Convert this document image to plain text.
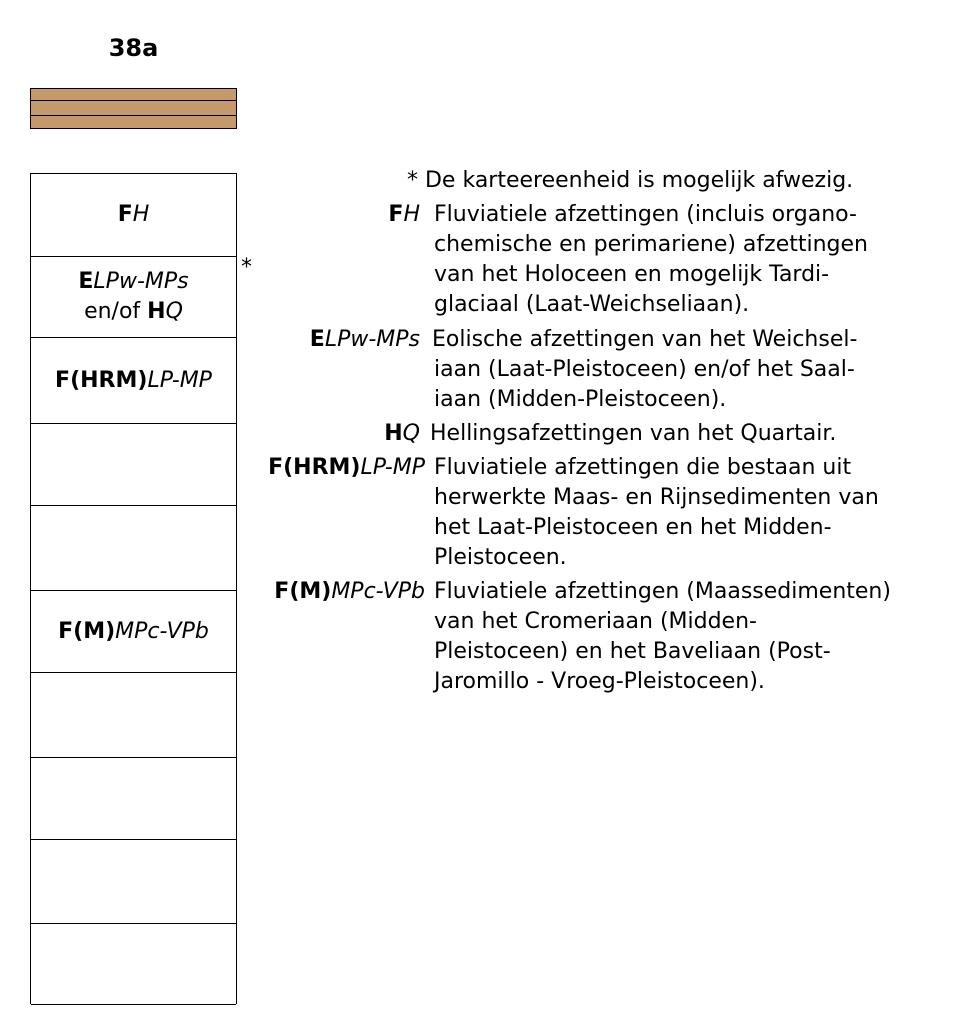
38a
FH
ELPw-MPs
en/of HQ
F(HRM)LP-MP
F(M)MPc-VPb
*
* De karteereenheid is mogelijk afwezig.
FH Fluviatiele afzettingen (incluis organo-
chemische en perimariene) afzettingen
van het Holoceen en mogelijk Tardi-
glaciaal (Laat-Weichseliaan).
ELPw-MPs Eolische afzettingen van het Weichsel-
iaan (Laat-Pleistoceen) en/of het Saal-
iaan (Midden-Pleistoceen).
HQ Hellingsafzettingen van het Quartair.
F(HRM)LP-MP Fluviatiele afzettingen die bestaan uit
herwerkte Maas- en Rijnsedimenten van
het Laat-Pleistoceen en het Midden-
Pleistoceen.
F(M)MPc-VPb Fluviatiele afzettingen (Maassedimenten)
van het Cromeriaan (Midden-
Pleistoceen) en het Baveliaan (Post-
Jaromillo - Vroeg-Pleistoceen).
